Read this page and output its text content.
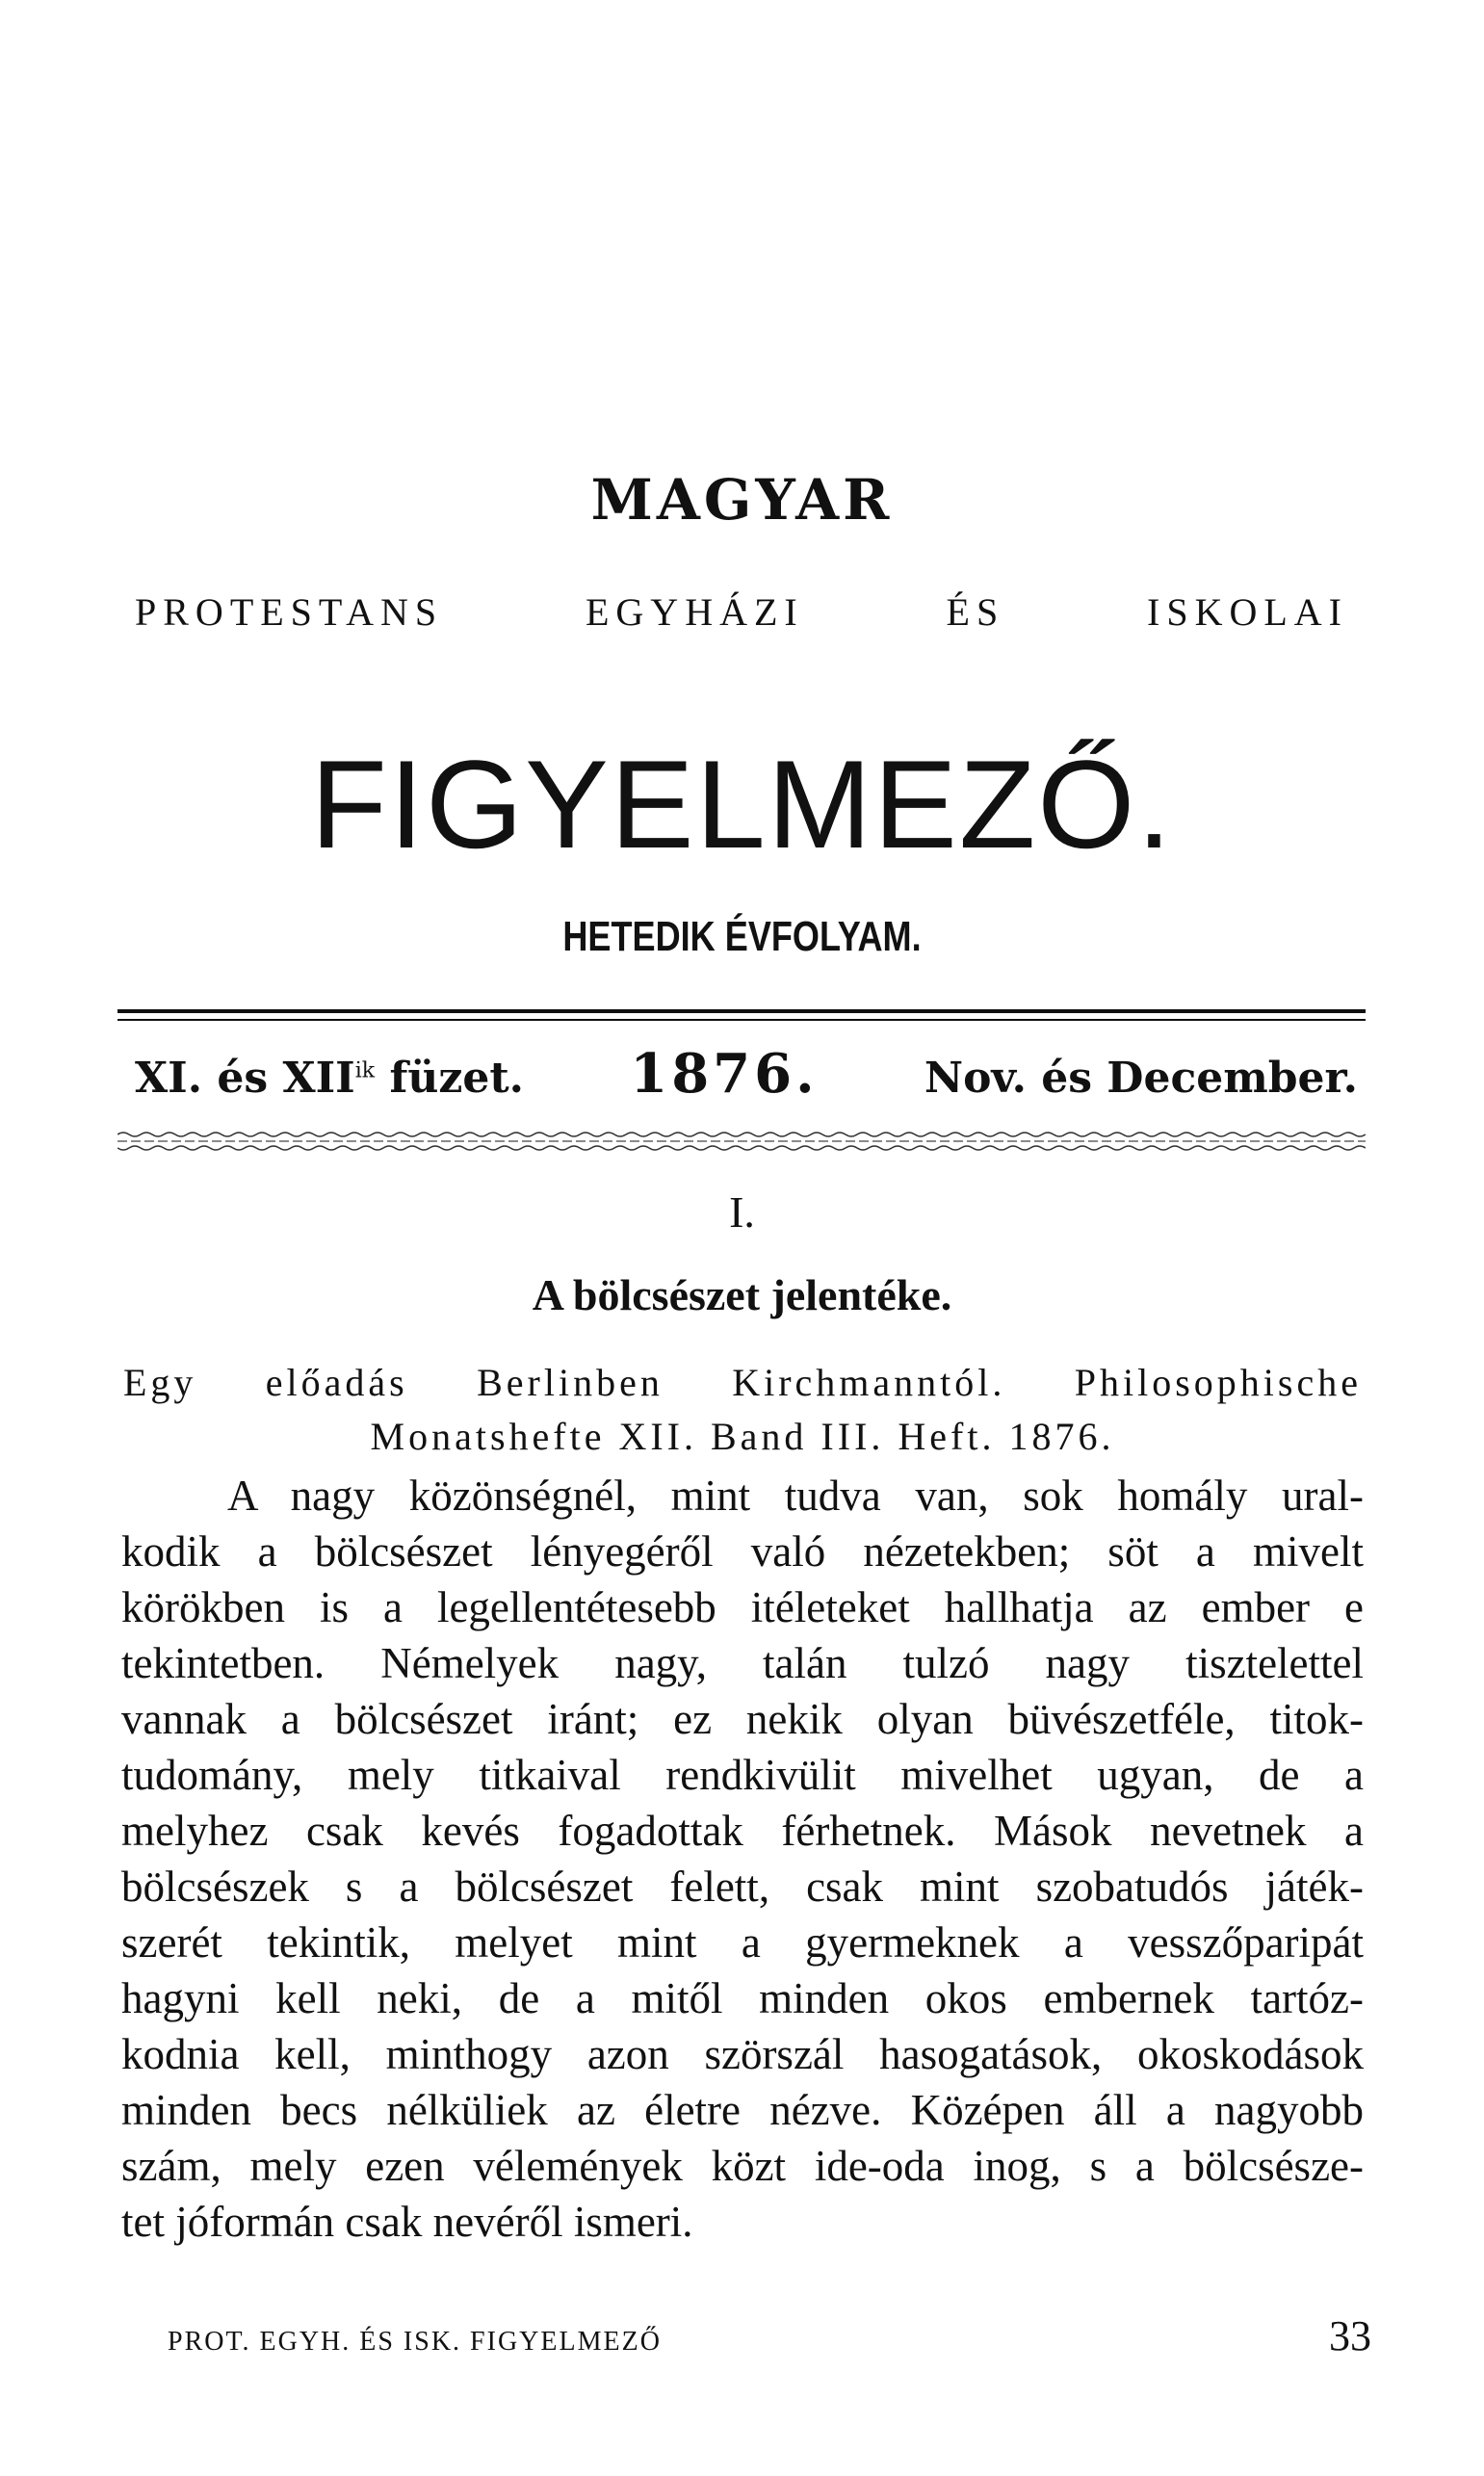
MAGYAR
PROTESTANS	EGYHÁZI	ÉS	ISKOLAI
FIGYELMEZŐ.
HETEDIK ÉVFOLYAM.
XI. és $XII^{ik}$ füzet. 1876.	Nov. és December.
I.
A bölcsészet jelentéke.
Egy előadás Berlinben Kirchmanntól. Philosophische
Monatshefte XII. Band III. Heft. 1876.
A nagy közönségnél, mint tudva van, sok homály ural-
kodik a bölcsészet lényegéről való nézetekben; söt a mivelt
körökben is a legellentétesebb itéleteket hallhatja az ember e
tekintetben. Némelyek nagy, talán tulzó nagy tisztelettel
vannak a bölcsészet iránt; ez nekik olyan büvészetféle, titok-
tudomány, mely titkaival rendkivülit mivelhet ugyan, de a
melyhez csak kevés fogadottak férhetnek. Mások nevetnek a
bölcsészek s a bölcsészet felett, csak mint szobatudós játék-
szerét tekintik, melyet mint a gyermeknek a vesszőparipát
hagyni kell neki, de a mitől minden okos embernek tartóz-
kodnia kell, minthogy azon szörszál hasogatások, okoskodások
minden becs nélküliek az életre nézve. Középen áll a nagyobb
szám, mely ezen vélemények közt ide-oda inog, s a bölcsésze-
tet jóformán csak nevéről ismeri.
PROT. EGYH. ÉS ISK. FIGYELMEZŐ	33
